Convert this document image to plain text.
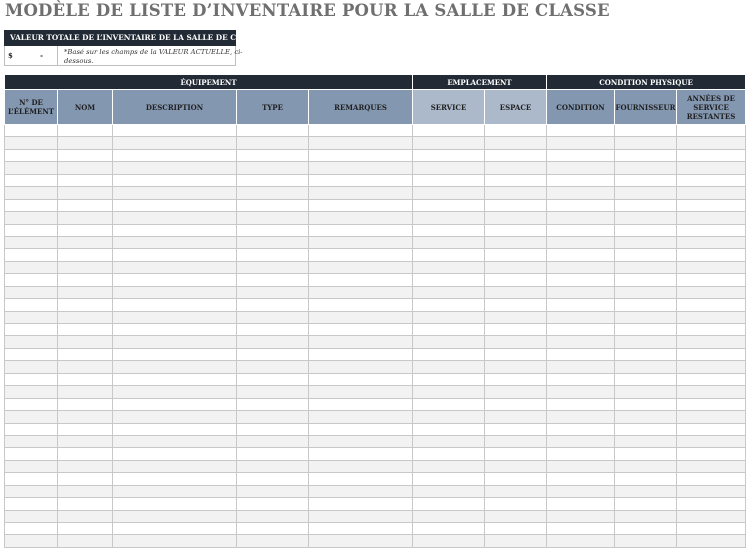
MODÈLE DE LISTE D’INVENTAIRE POUR LA SALLE DE CLASSE
VALEUR TOTALE DE L’INVENTAIRE DE LA SALLE DE CLASSE
$	-	*Basé sur les champs de la VALEUR ACTUELLE, ci-dessous.
ÉQUIPEMENT					EMPLACEMENT		CONDITION PHYSIQUE		
N° DE L’ÉLÉMENT	NOM	DESCRIPTION	TYPE	REMARQUES	SERVICE	ESPACE	CONDITION	FOURNISSEUR	ANNÉES DE SERVICE RESTANTES
